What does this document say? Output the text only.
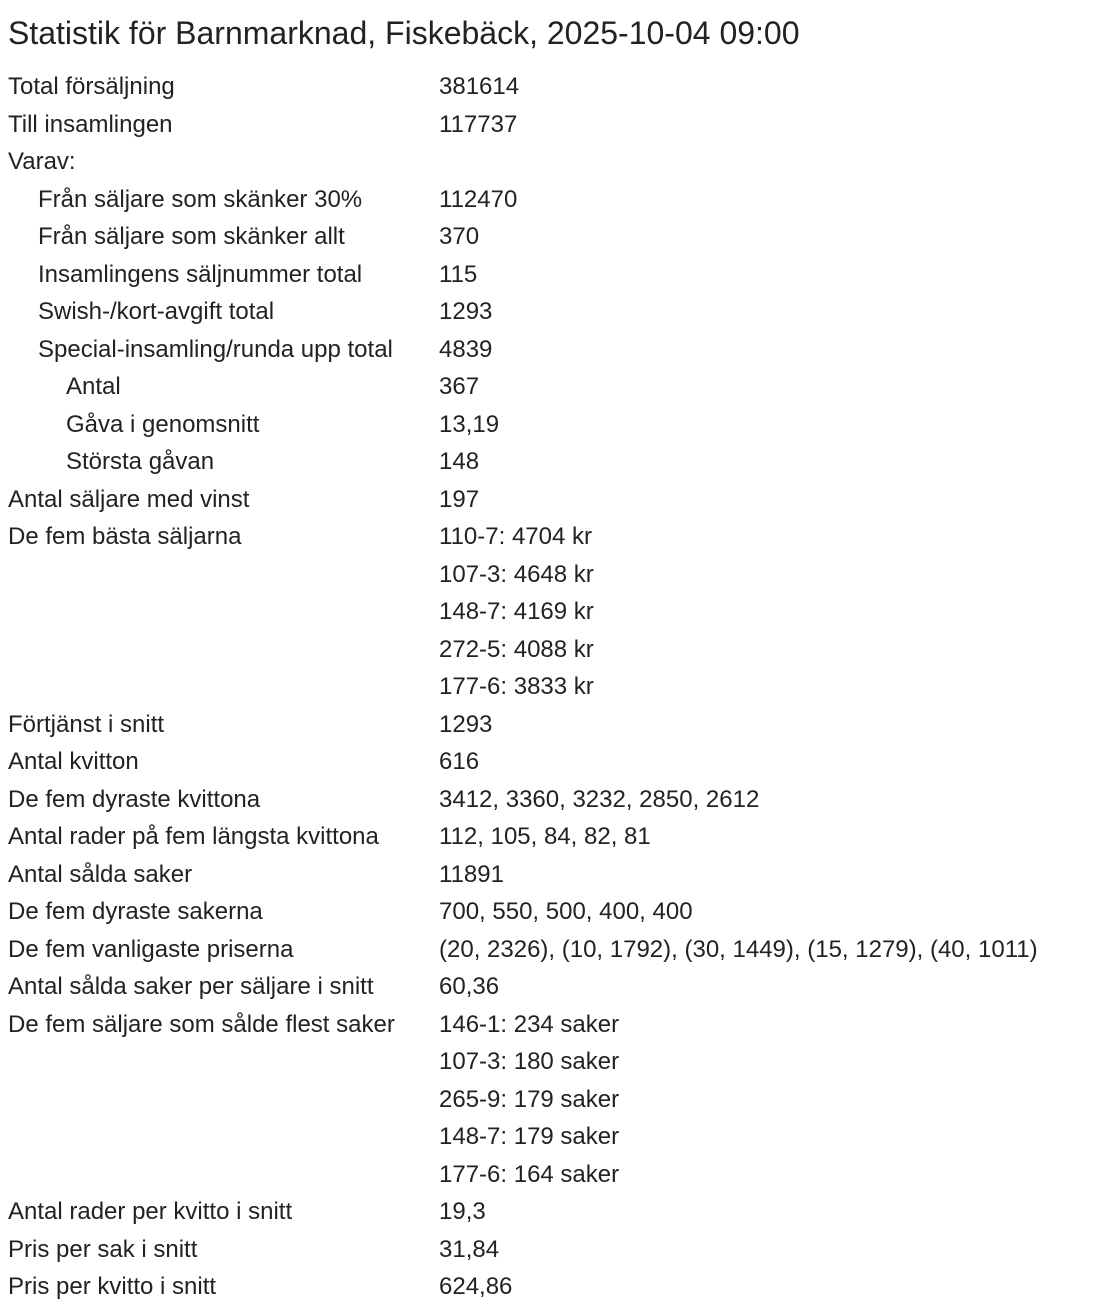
Statistik för Barnmarknad, Fiskebäck, 2025-10-04 09:00
Total försäljning	381614
Till insamlingen	117737
Varav:
Från säljare som skänker 30%	112470
Från säljare som skänker allt	370
Insamlingens säljnummer total	115
Swish-/kort-avgift total	1293
Special-insamling/runda upp total 4839
Antal	367
Gåva i genomsnitt	13,19
Största gåvan	148
Antal säljare med vinst	197
De fem bästa säljarna	110-7: 4704 kr
107-3: 4648 kr
148-7: 4169 kr
272-5: 4088 kr
177-6: 3833 kr
Förtjänst i snitt	1293
Antal kvitton	616
De fem dyraste kvittona	3412, 3360, 3232, 2850, 2612
Antal rader på fem längsta kvittona	112, 105, 84, 82, 81
Antal sålda saker	11891
De fem dyraste sakerna	700, 550, 500, 400, 400
De fem vanligaste priserna	(20, 2326), (10, 1792), (30, 1449), (15, 1279), (40, 1011)
Antal sålda saker per säljare i snitt	60,36
De fem säljare som sålde flest saker 146-1: 234 saker
107-3: 180 saker
265-9: 179 saker
148-7: 179 saker
177-6: 164 saker
Antal rader per kvitto i snitt	19,3
Pris per sak i snitt	31,84
Pris per kvitto i snitt	624,86
